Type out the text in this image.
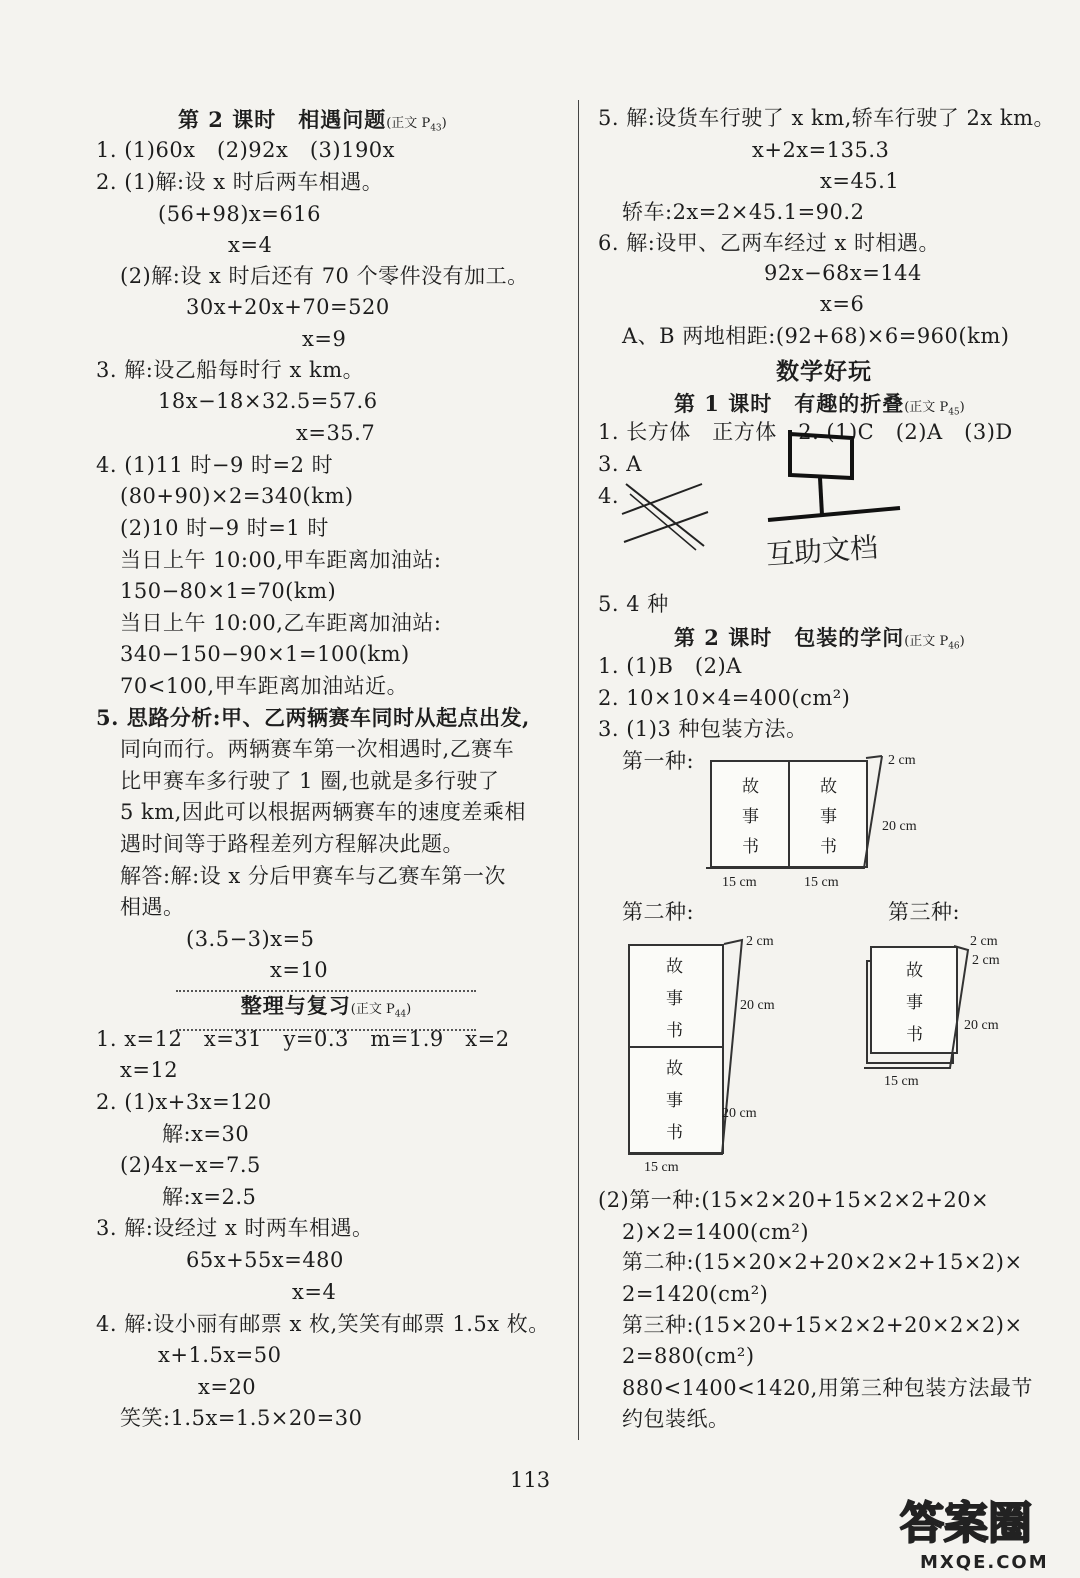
第 2 课时　相遇问题(正文 $P_{43}$)
1. (1)60x　(2)92x　(3)190x
2. (1)解:设 x 时后两车相遇。
(56+98)x=616
x=4
(2)解:设 x 时后还有 70 个零件没有加工。
30x+20x+70=520
x=9
3. 解:设乙船每时行 x km。
18x−18×32.5=57.6
x=35.7
4. (1)11 时−9 时=2 时
(80+90)×2=340(km)
(2)10 时−9 时=1 时
当日上午 10:00,甲车距离加油站:
150−80×1=70(km)
当日上午 10:00,乙车距离加油站:
340−150−90×1=100(km)
70<100,甲车距离加油站近。
5. 思路分析:甲、乙两辆赛车同时从起点出发,
同向而行。两辆赛车第一次相遇时,乙赛车
比甲赛车多行驶了 1 圈,也就是多行驶了
5 km,因此可以根据两辆赛车的速度差乘相
遇时间等于路程差列方程解决此题。
解答:解:设 x 分后甲赛车与乙赛车第一次
相遇。
(3.5−3)x=5
x=10
整理与复习(正文 $P_{44}$)
1. x=12　x=31　y=0.3　m=1.9　x=2
x=12
2. (1)x+3x=120
解:x=30
(2)4x−x=7.5
解:x=2.5
3. 解:设经过 x 时两车相遇。
65x+55x=480
x=4
4. 解:设小丽有邮票 x 枚,笑笑有邮票 1.5x 枚。
x+1.5x=50
x=20
笑笑:1.5x=1.5×20=30
5. 解:设货车行驶了 x km,轿车行驶了 2x km。
x+2x=135.3
x=45.1
轿车:2x=2×45.1=90.2
6. 解:设甲、乙两车经过 x 时相遇。
92x−68x=144
x=6
A、B 两地相距:(92+68)×6=960(km)
数学好玩
第 1 课时　有趣的折叠(正文 $P_{45}$)
1. 长方体　正方体　2. (1)C　(2)A　(3)D
3. A
4.
互助文档
5. 4 种
第 2 课时　包装的学问(正文 $P_{46}$)
1. (1)B　(2)A
2. 10×10×4=400(cm²)
3. (1)3 种包装方法。
第一种:
故
事
书
故
事
书
2 cm
20 cm
15 cm	15 cm
第二种:	第三种:
故
事
书
故
事
书
2 cm
20 cm
20 cm
15 cm
故
事
书
2 cm
2 cm
20 cm
15 cm
(2)第一种:(15×2×20+15×2×2+20×
2)×2=1400(cm²)
第二种:(15×20×2+20×2×2+15×2)×
2=1420(cm²)
第三种:(15×20+15×2×2+20×2×2)×
2=880(cm²)
880<1400<1420,用第三种包装方法最节
约包装纸。
113
答案圈
MXQE.COM
